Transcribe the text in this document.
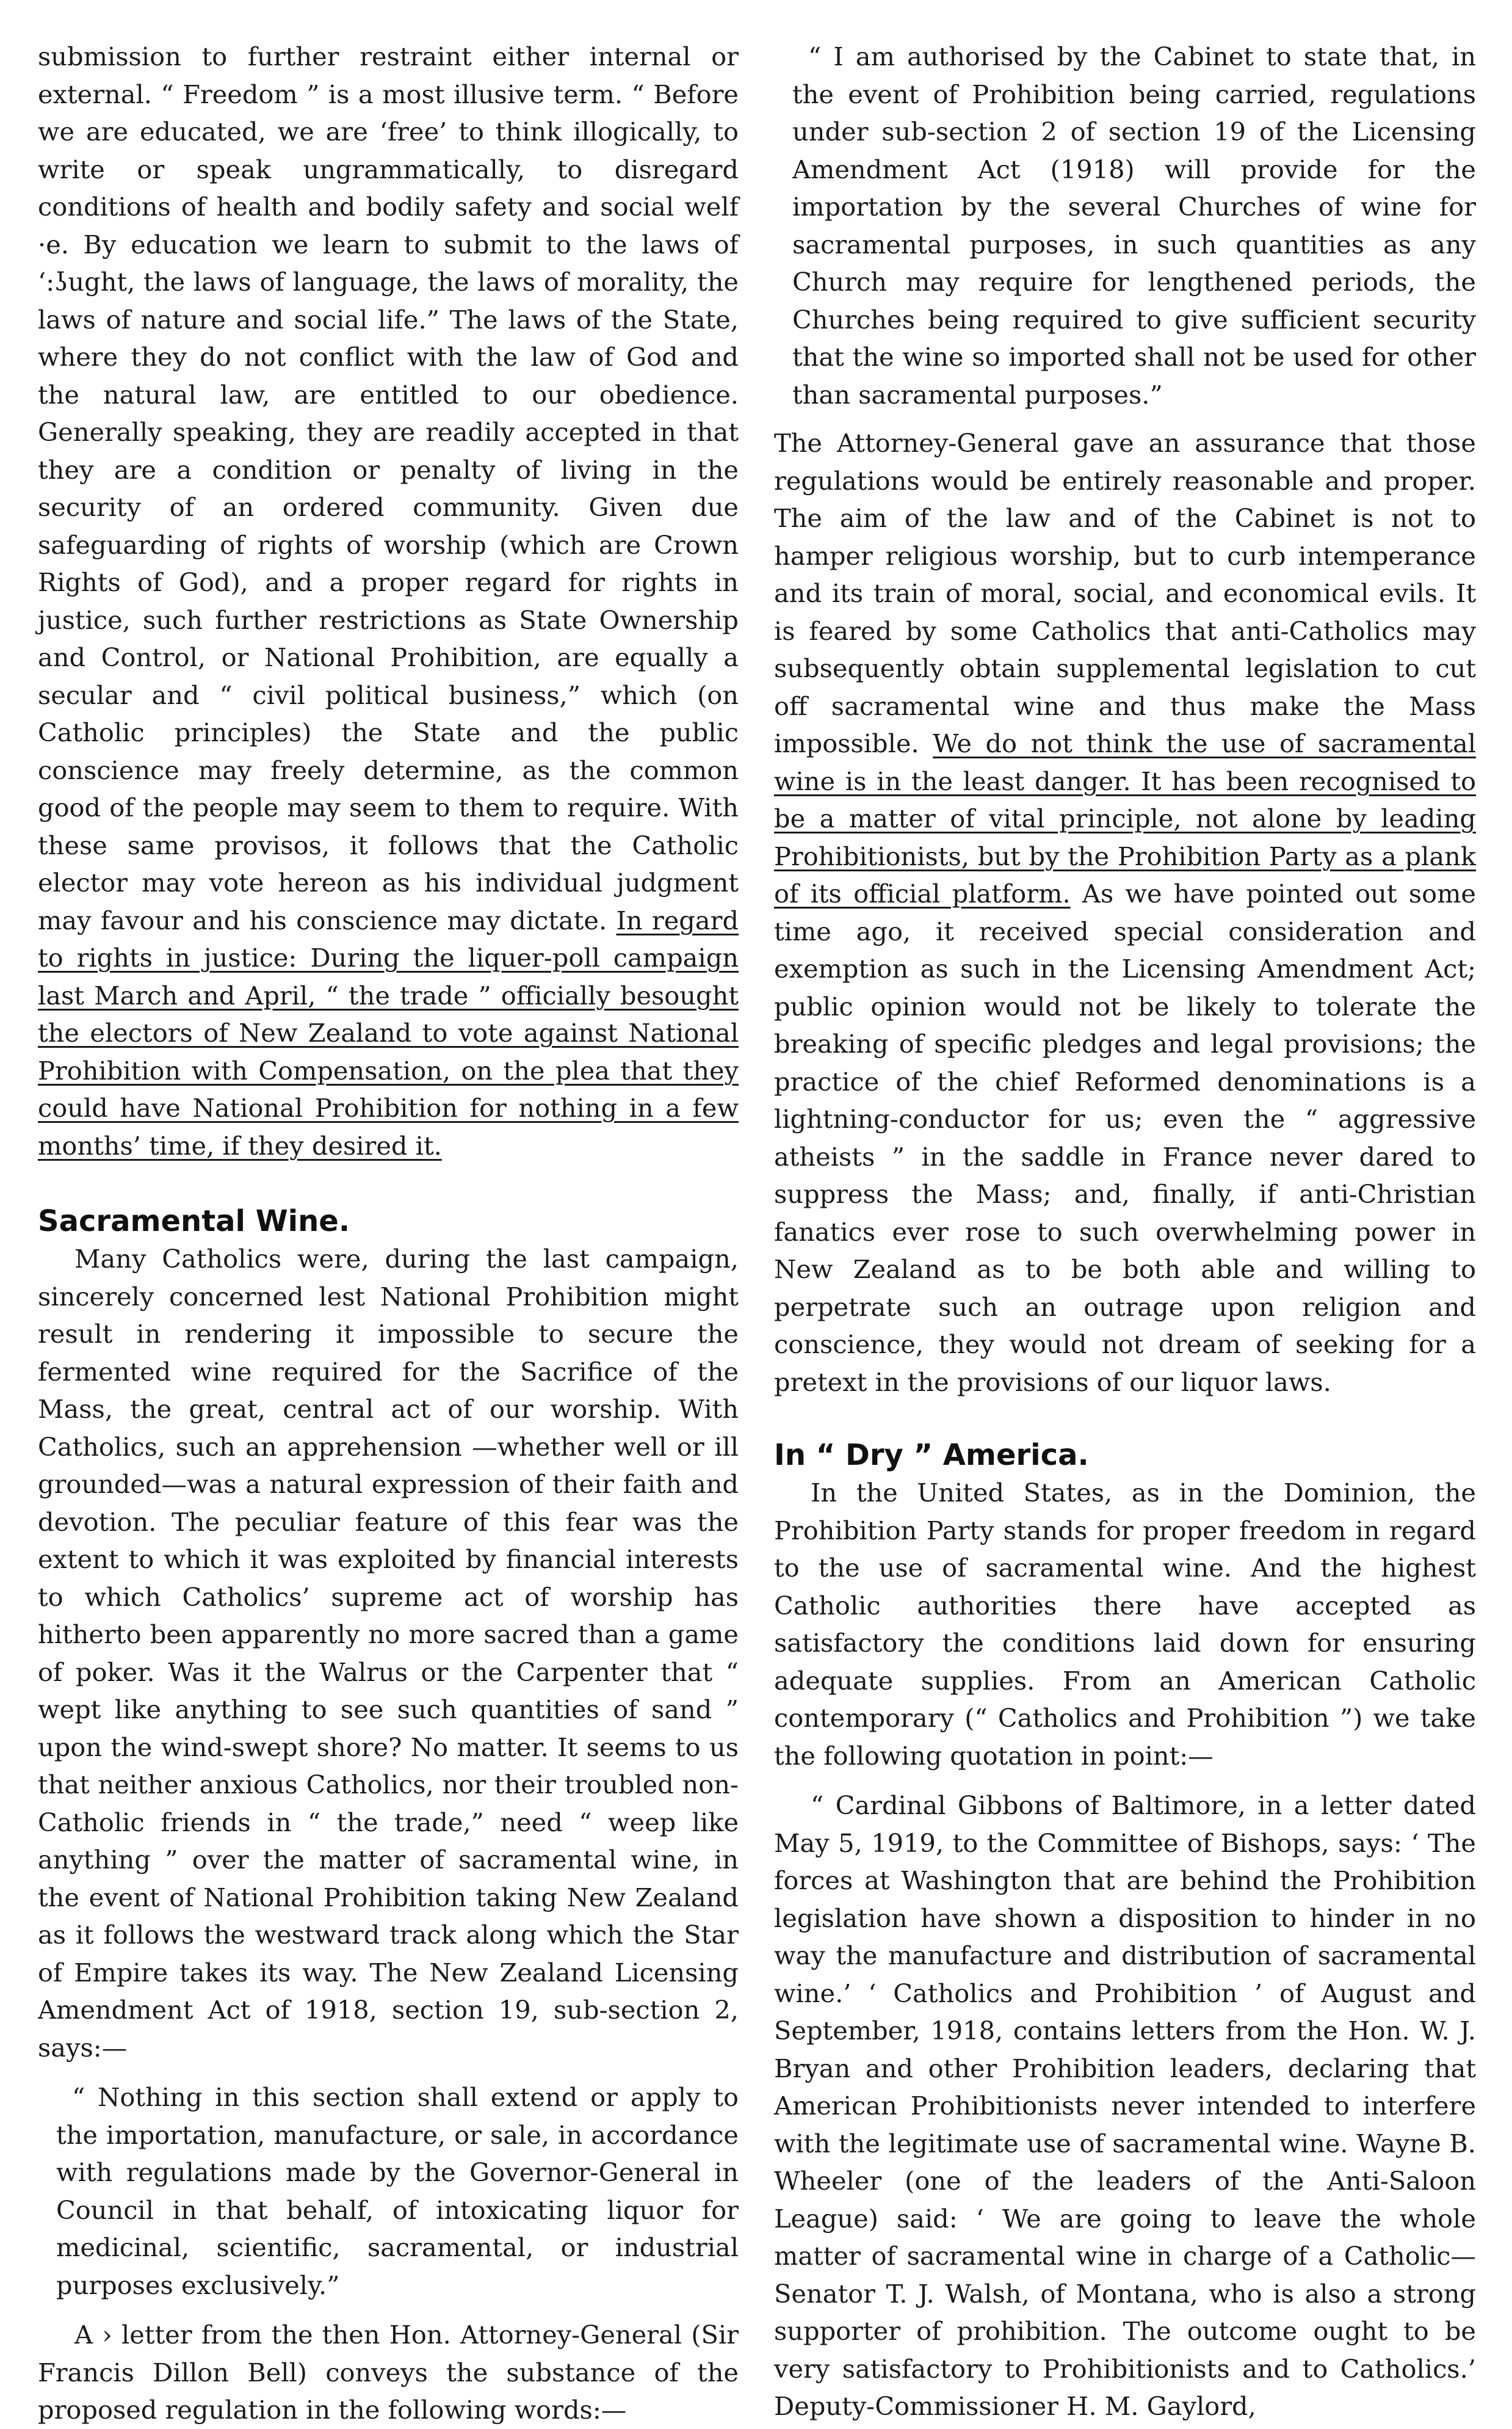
submission to further restraint either internal or external. “ Freedom ” is a most illusive term. “ Before we are educated, we are ‘free’ to think illogically, to write or speak ungrammatically, to disregard conditions of health and bodily safety and social welf ·e. By education we learn to submit to the laws of ‘:ʖught, the laws of language, the laws of morality, the laws of nature and social life.” The laws of the State, where they do not conflict with the law of God and the natural law, are entitled to our obedience. Generally speaking, they are readily accepted in that they are a condition or penalty of living in the security of an ordered community. Given due safeguarding of rights of worship (which are Crown Rights of God), and a proper regard for rights in justice, such further restrictions as State Ownership and Control, or National Prohibition, are equally a secular and “ civil political business,” which (on Catholic principles) the State and the public conscience may freely determine, as the common good of the people may seem to them to require. With these same provisos, it follows that the Catholic elector may vote hereon as his individual judgment may favour and his conscience may dictate. In regard to rights in justice: During the liquer-poll campaign last March and April, “ the trade ” officially besought the electors of New Zealand to vote against National Prohibition with Compensation, on the plea that they could have National Prohibition for nothing in a few months’ time, if they desired it.

Sacramental Wine.

Many Catholics were, during the last campaign, sincerely concerned lest National Prohibition might result in rendering it impossible to secure the fermented wine required for the Sacrifice of the Mass, the great, central act of our worship. With Catholics, such an apprehension —whether well or ill grounded—was a natural expression of their faith and devotion. The peculiar feature of this fear was the extent to which it was exploited by financial interests to which Catholics’ supreme act of worship has hitherto been apparently no more sacred than a game of poker. Was it the Walrus or the Carpenter that “ wept like anything to see such quantities of sand ” upon the wind-swept shore? No matter. It seems to us that neither anxious Catholics, nor their troubled non-Catholic friends in “ the trade,” need “ weep like anything ” over the matter of sacramental wine, in the event of National Prohibition taking New Zealand as it follows the westward track along which the Star of Empire takes its way. The New Zealand Licensing Amendment Act of 1918, section 19, sub-section 2, says:—

“ Nothing in this section shall extend or apply to the importation, manufacture, or sale, in accordance with regulations made by the Governor-General in Council in that behalf, of intoxicating liquor for medicinal, scientific, sacramental, or industrial purposes exclusively.”

A › letter from the then Hon. Attorney-General (Sir Francis Dillon Bell) conveys the substance of the proposed regulation in the following words:—

“ I am authorised by the Cabinet to state that, in the event of Prohibition being carried, regulations under sub-section 2 of section 19 of the Licensing Amendment Act (1918) will provide for the importation by the several Churches of wine for sacramental purposes, in such quantities as any Church may require for lengthened periods, the Churches being required to give sufficient security that the wine so imported shall not be used for other than sacramental purposes.”

The Attorney-General gave an assurance that those regulations would be entirely reasonable and proper. The aim of the law and of the Cabinet is not to hamper religious worship, but to curb intemperance and its train of moral, social, and economical evils. It is feared by some Catholics that anti-Catholics may subsequently obtain supplemental legislation to cut off sacramental wine and thus make the Mass impossible. We do not think the use of sacramental wine is in the least danger. It has been recognised to be a matter of vital principle, not alone by leading Prohibitionists, but by the Prohibition Party as a plank of its official platform. As we have pointed out some time ago, it received special consideration and exemption as such in the Licensing Amendment Act; public opinion would not be likely to tolerate the breaking of specific pledges and legal provisions; the practice of the chief Reformed denominations is a lightning-conductor for us; even the “ aggressive atheists ” in the saddle in France never dared to suppress the Mass; and, finally, if anti-Christian fanatics ever rose to such overwhelming power in New Zealand as to be both able and willing to perpetrate such an outrage upon religion and conscience, they would not dream of seeking for a pretext in the provisions of our liquor laws.

In “ Dry ” America.

In the United States, as in the Dominion, the Prohibition Party stands for proper freedom in regard to the use of sacramental wine. And the highest Catholic authorities there have accepted as satisfactory the conditions laid down for ensuring adequate supplies. From an American Catholic contemporary (“ Catholics and Prohibition ”) we take the following quotation in point:—

“ Cardinal Gibbons of Baltimore, in a letter dated May 5, 1919, to the Committee of Bishops, says: ‘ The forces at Washington that are behind the Prohibition legislation have shown a disposition to hinder in no way the manufacture and distribution of sacramental wine.’ ‘ Catholics and Prohibition ’ of August and September, 1918, contains letters from the Hon. W. J. Bryan and other Prohibition leaders, declaring that American Prohibitionists never intended to interfere with the legitimate use of sacramental wine. Wayne B. Wheeler (one of the leaders of the Anti-Saloon League) said: ‘ We are going to leave the whole matter of sacramental wine in charge of a Catholic—Senator T. J. Walsh, of Montana, who is also a strong supporter of prohibition. The outcome ought to be very satisfactory to Prohibitionists and to Catholics.’ Deputy-Commissioner H. M. Gaylord,
